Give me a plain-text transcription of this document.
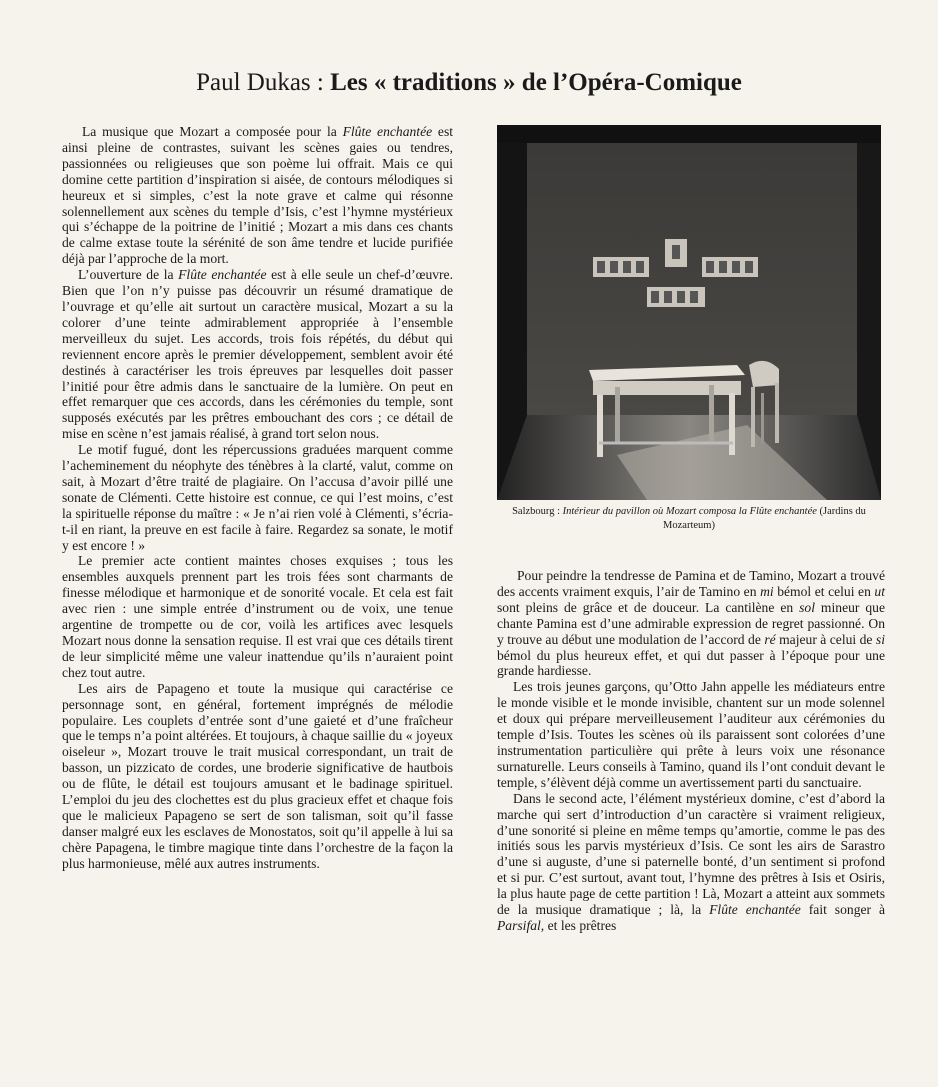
Paul Dukas : Les « traditions » de l’Opéra-Comique

La musique que Mozart a composée pour la Flûte enchantée est ainsi pleine de contrastes, suivant les scènes gaies ou tendres, passionnées ou religieuses que son poème lui offrait. Mais ce qui domine cette partition d’inspiration si aisée, de contours mélodiques si heureux et si simples, c’est la note grave et calme qui résonne solennellement aux scènes du temple d’Isis, c’est l’hymne mystérieux qui s’échappe de la poitrine de l’initié ; Mozart a mis dans ces chants de calme extase toute la sérénité de son âme tendre et lucide purifiée déjà par l’approche de la mort.

L’ouverture de la Flûte enchantée est à elle seule un chef-d’œuvre. Bien que l’on n’y puisse pas découvrir un résumé dramatique de l’ouvrage et qu’elle ait surtout un caractère musical, Mozart a su la colorer d’une teinte admirablement appropriée à l’ensemble merveilleux du sujet. Les accords, trois fois répétés, du début qui reviennent encore après le premier développement, semblent avoir été destinés à caractériser les trois épreuves par lesquelles doit passer l’initié pour être admis dans le sanctuaire de la lumière. On peut en effet remarquer que ces accords, dans les cérémonies du temple, sont supposés exécutés par les prêtres embouchant des cors ; ce détail de mise en scène n’est jamais réalisé, à grand tort selon nous.

Le motif fugué, dont les répercussions graduées marquent comme l’acheminement du néophyte des ténèbres à la clarté, valut, comme on sait, à Mozart d’être traité de plagiaire. On l’accusa d’avoir pillé une sonate de Clémenti. Cette histoire est connue, ce qui l’est moins, c’est la spirituelle réponse du maître : « Je n’ai rien volé à Clémenti, s’écria-t-il en riant, la preuve en est facile à faire. Regardez sa sonate, le motif y est encore ! »

Le premier acte contient maintes choses exquises ; tous les ensembles auxquels prennent part les trois fées sont charmants de finesse mélodique et harmonique et de sonorité vocale. Et cela est fait avec rien : une simple entrée d’instrument ou de voix, une tenue argentine de trompette ou de cor, voilà les artifices avec lesquels Mozart nous donne la sensation requise. Il est vrai que ces détails tirent de leur simplicité même une valeur inattendue qu’ils n’auraient point chez tout autre.

Les airs de Papageno et toute la musique qui caractérise ce personnage sont, en général, fortement imprégnés de mélodie populaire. Les couplets d’entrée sont d’une gaieté et d’une fraîcheur que le temps n’a point altérées. Et toujours, à chaque saillie du « joyeux oiseleur », Mozart trouve le trait musical correspondant, un trait de basson, un pizzicato de cordes, une broderie significative de hautbois ou de flûte, le détail est toujours amusant et le badinage spirituel. L’emploi du jeu des clochettes est du plus gracieux effet et chaque fois que le malicieux Papageno se sert de son talisman, soit qu’il fasse danser malgré eux les esclaves de Monostatos, soit qu’il appelle à lui sa chère Papagena, le timbre magique tinte dans l’orchestre de la façon la plus harmonieuse, mêlé aux autres instruments.

Salzbourg : Intérieur du pavillon où Mozart composa la Flûte enchantée (Jardins du Mozarteum)

Pour peindre la tendresse de Pamina et de Tamino, Mozart a trouvé des accents vraiment exquis, l’air de Tamino en mi bémol et celui en ut sont pleins de grâce et de douceur. La cantilène en sol mineur que chante Pamina est d’une admirable expression de regret passionné. On y trouve au début une modulation de l’accord de ré majeur à celui de si bémol du plus heureux effet, et qui dut passer à l’époque pour une grande hardiesse.

Les trois jeunes garçons, qu’Otto Jahn appelle les médiateurs entre le monde visible et le monde invisible, chantent sur un mode solennel et doux qui prépare merveilleusement l’auditeur aux cérémonies du temple d’Isis. Toutes les scènes où ils paraissent sont colorées d’une instrumentation particulière qui prête à leurs voix une résonance surnaturelle. Leurs conseils à Tamino, quand ils l’ont conduit devant le temple, s’élèvent déjà comme un avertissement parti du sanctuaire.

Dans le second acte, l’élément mystérieux domine, c’est d’abord la marche qui sert d’introduction d’un caractère si vraiment religieux, d’une sonorité si pleine en même temps qu’amortie, comme le pas des initiés sous les parvis mystérieux d’Isis. Ce sont les airs de Sarastro d’une si auguste, d’une si paternelle bonté, d’un sentiment si profond et si pur. C’est surtout, avant tout, l’hymne des prêtres à Isis et Osiris, la plus haute page de cette partition ! Là, Mozart a atteint aux sommets de la musique dramatique ; là, la Flûte enchantée fait songer à Parsifal, et les prêtres
